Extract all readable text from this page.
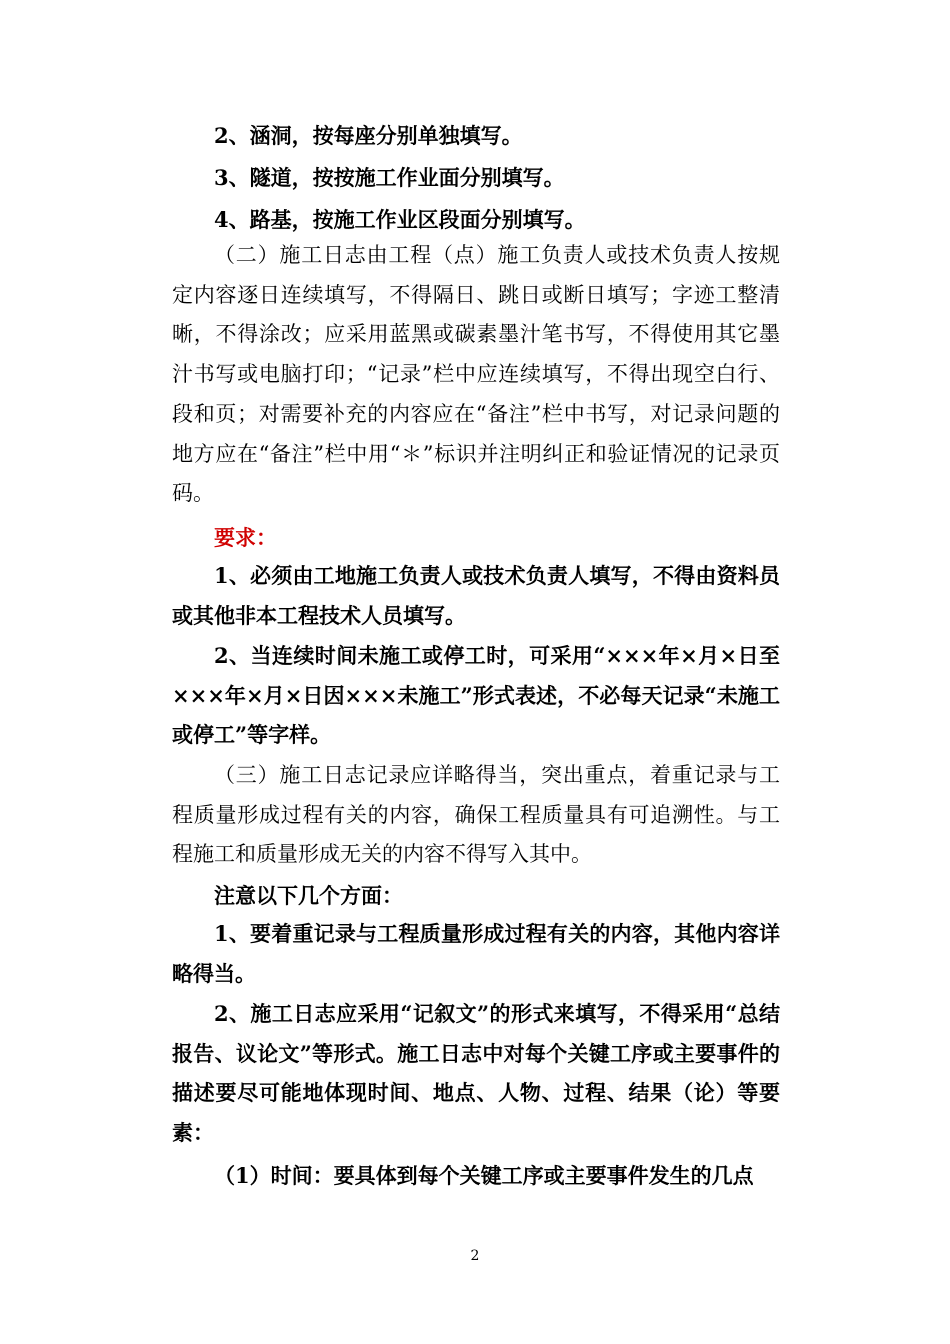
2、涵洞，按每座分别单独填写。

3、隧道，按按施工作业面分别填写。

4、路基，按施工作业区段面分别填写。

（二）施工日志由工程（点）施工负责人或技术负责人按规定内容逐日连续填写，不得隔日、跳日或断日填写；字迹工整清晰，不得涂改；应采用蓝黑或碳素墨汁笔书写，不得使用其它墨汁书写或电脑打印；“记录”栏中应连续填写，不得出现空白行、段和页；对需要补充的内容应在“备注”栏中书写，对记录问题的地方应在“备注”栏中用“＊”标识并注明纠正和验证情况的记录页码。

要求：

1、必须由工地施工负责人或技术负责人填写，不得由资料员或其他非本工程技术人员填写。

2、当连续时间未施工或停工时，可采用“×××年×月×日至×××年×月×日因×××未施工”形式表述，不必每天记录“未施工或停工”等字样。

（三）施工日志记录应详略得当，突出重点，着重记录与工程质量形成过程有关的内容，确保工程质量具有可追溯性。与工程施工和质量形成无关的内容不得写入其中。

注意以下几个方面：

1、要着重记录与工程质量形成过程有关的内容，其他内容详略得当。

2、施工日志应采用“记叙文”的形式来填写，不得采用“总结报告、议论文”等形式。施工日志中对每个关键工序或主要事件的描述要尽可能地体现时间、地点、人物、过程、结果（论）等要素：

（1）时间：要具体到每个关键工序或主要事件发生的几点

2
